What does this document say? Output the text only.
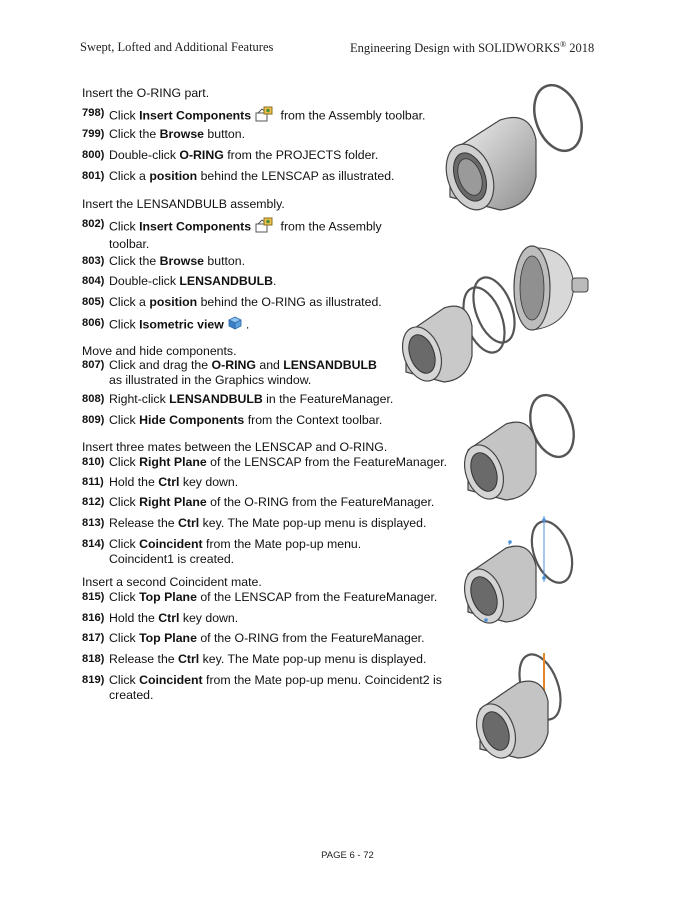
Swept, Lofted and Additional Features	Engineering Design with SOLIDWORKS® 2018
Insert the O-RING part.
798) Click Insert Components from the Assembly toolbar.
799) Click the Browse button.
800) Double-click O-RING from the PROJECTS folder.
801) Click a position behind the LENSCAP as illustrated.
Insert the LENSANDBULB assembly.
802) Click Insert Components from the Assembly toolbar.
803) Click the Browse button.
804) Double-click LENSANDBULB.
805) Click a position behind the O-RING as illustrated.
806) Click Isometric view .
Move and hide components.
807) Click and drag the O-RING and LENSANDBULB as illustrated in the Graphics window.
808) Right-click LENSANDBULB in the FeatureManager.
809) Click Hide Components from the Context toolbar.
Insert three mates between the LENSCAP and O-RING.
810) Click Right Plane of the LENSCAP from the FeatureManager.
811) Hold the Ctrl key down.
812) Click Right Plane of the O-RING from the FeatureManager.
813) Release the Ctrl key. The Mate pop-up menu is displayed.
814) Click Coincident from the Mate pop-up menu. Coincident1 is created.
Insert a second Coincident mate.
815) Click Top Plane of the LENSCAP from the FeatureManager.
816) Hold the Ctrl key down.
817) Click Top Plane of the O-RING from the FeatureManager.
818) Release the Ctrl key. The Mate pop-up menu is displayed.
819) Click Coincident from the Mate pop-up menu. Coincident2 is created.
PAGE 6 - 72
